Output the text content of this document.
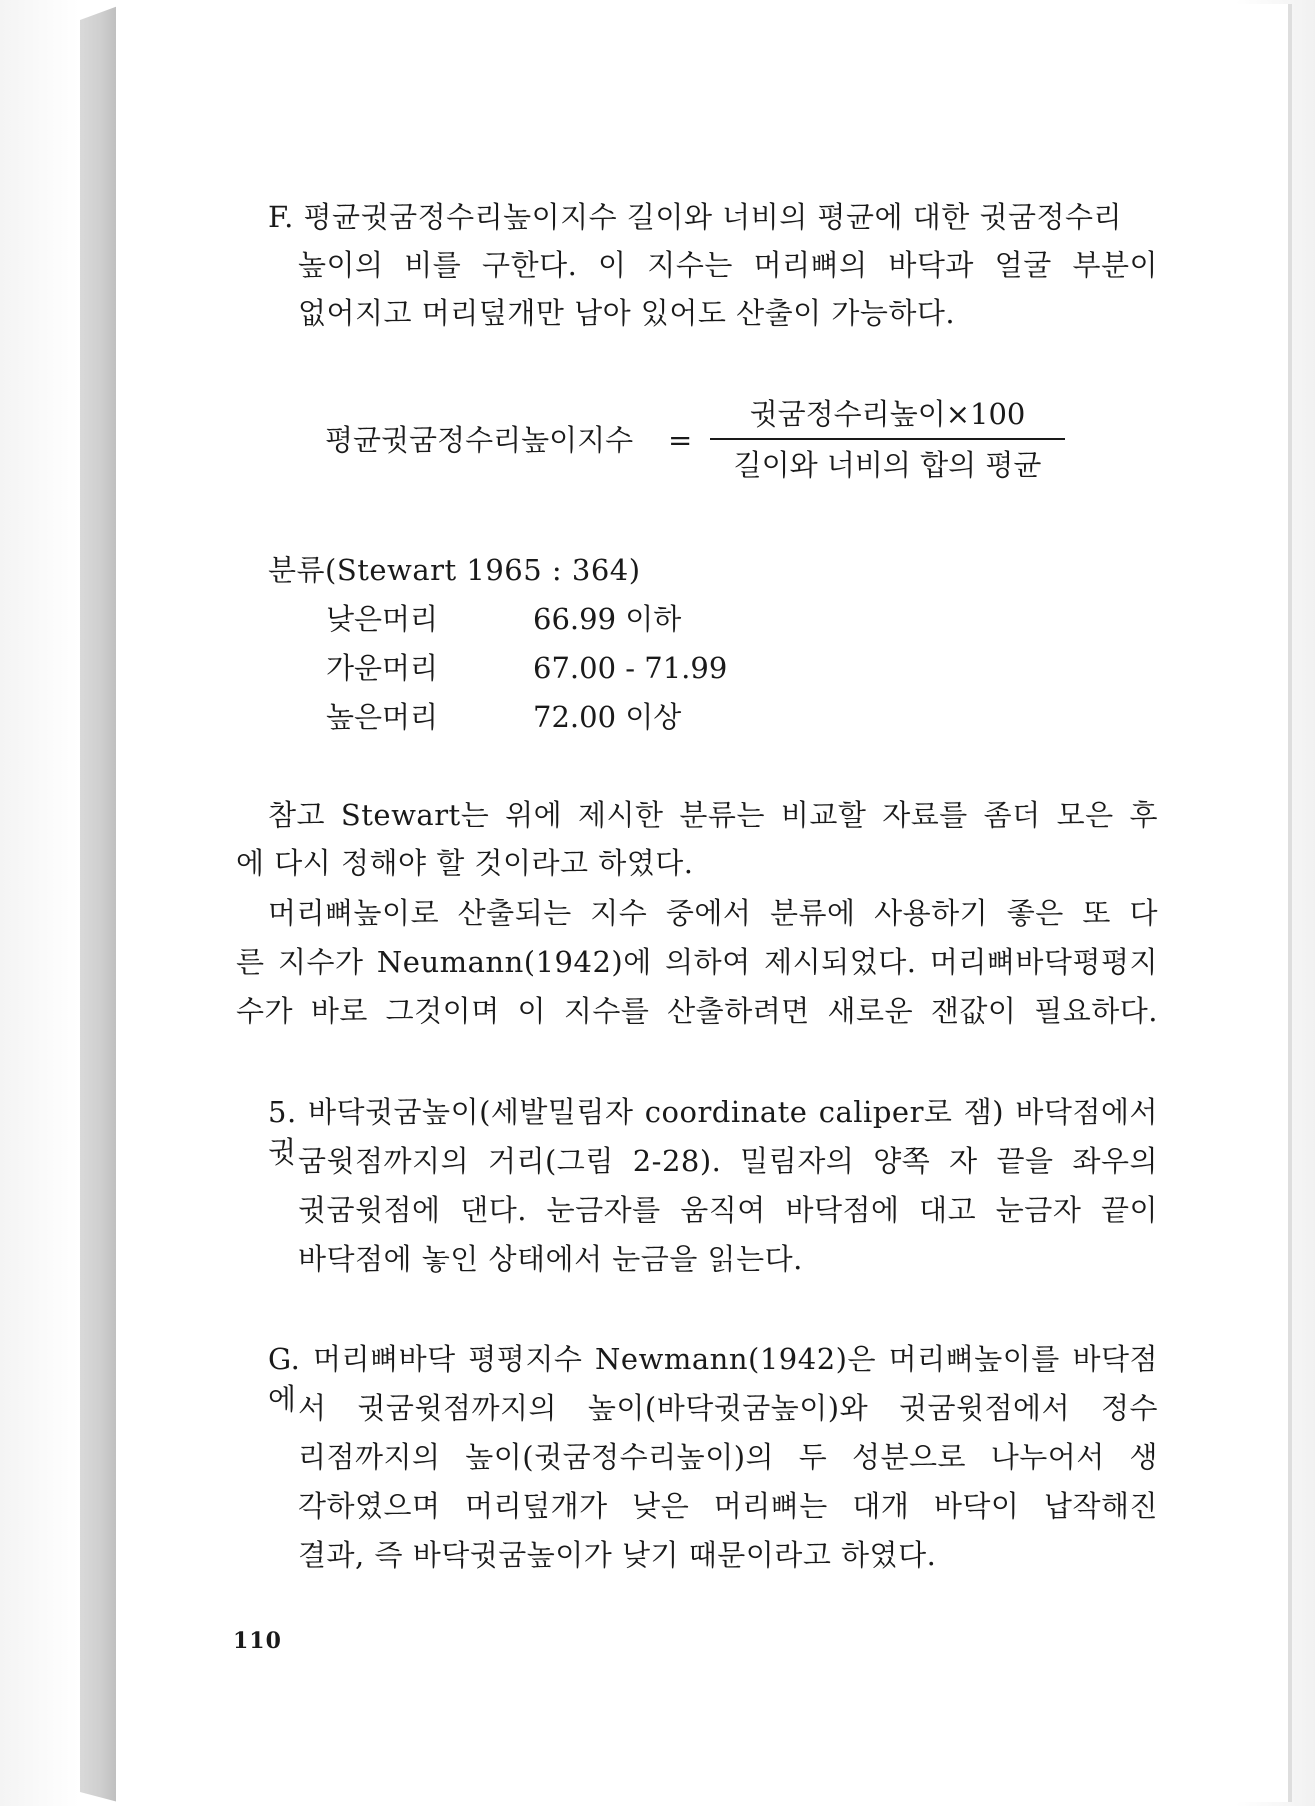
F. 평균귓굼정수리높이지수 길이와 너비의 평균에 대한 귓굼정수리

높이의 비를 구한다. 이 지수는 머리뼈의 바닥과 얼굴 부분이

없어지고 머리덮개만 남아 있어도 산출이 가능하다.

평균귓굼정수리높이지수 =
귓굼정수리높이×100
길이와 너비의 합의 평균

분류(Stewart 1965 : 364)

낮은머리	66.99 이하
가운머리	67.00 - 71.99
높은머리	72.00 이상

참고 Stewart는 위에 제시한 분류는 비교할 자료를 좀더 모은 후

에 다시 정해야 할 것이라고 하였다.

머리뼈높이로 산출되는 지수 중에서 분류에 사용하기 좋은 또 다

른 지수가 Neumann(1942)에 의하여 제시되었다. 머리뼈바닥평평지

수가 바로 그것이며 이 지수를 산출하려면 새로운 잰값이 필요하다.

5. 바닥귓굼높이(세발밀림자 coordinate caliper로 잼) 바닥점에서 귓 굼윗점까지의 거리(그림 2-28). 밀림자의 양쪽 자 끝을 좌우의

귓굼윗점에 댄다. 눈금자를 움직여 바닥점에 대고 눈금자 끝이

바닥점에 놓인 상태에서 눈금을 읽는다.

G. 머리뼈바닥 평평지수 Newmann(1942)은 머리뼈높이를 바닥점에 서 귓굼윗점까지의 높이(바닥귓굼높이)와 귓굼윗점에서 정수

리점까지의 높이(귓굼정수리높이)의 두 성분으로 나누어서 생

각하였으며 머리덮개가 낮은 머리뼈는 대개 바닥이 납작해진

결과, 즉 바닥귓굼높이가 낮기 때문이라고 하였다.

110
